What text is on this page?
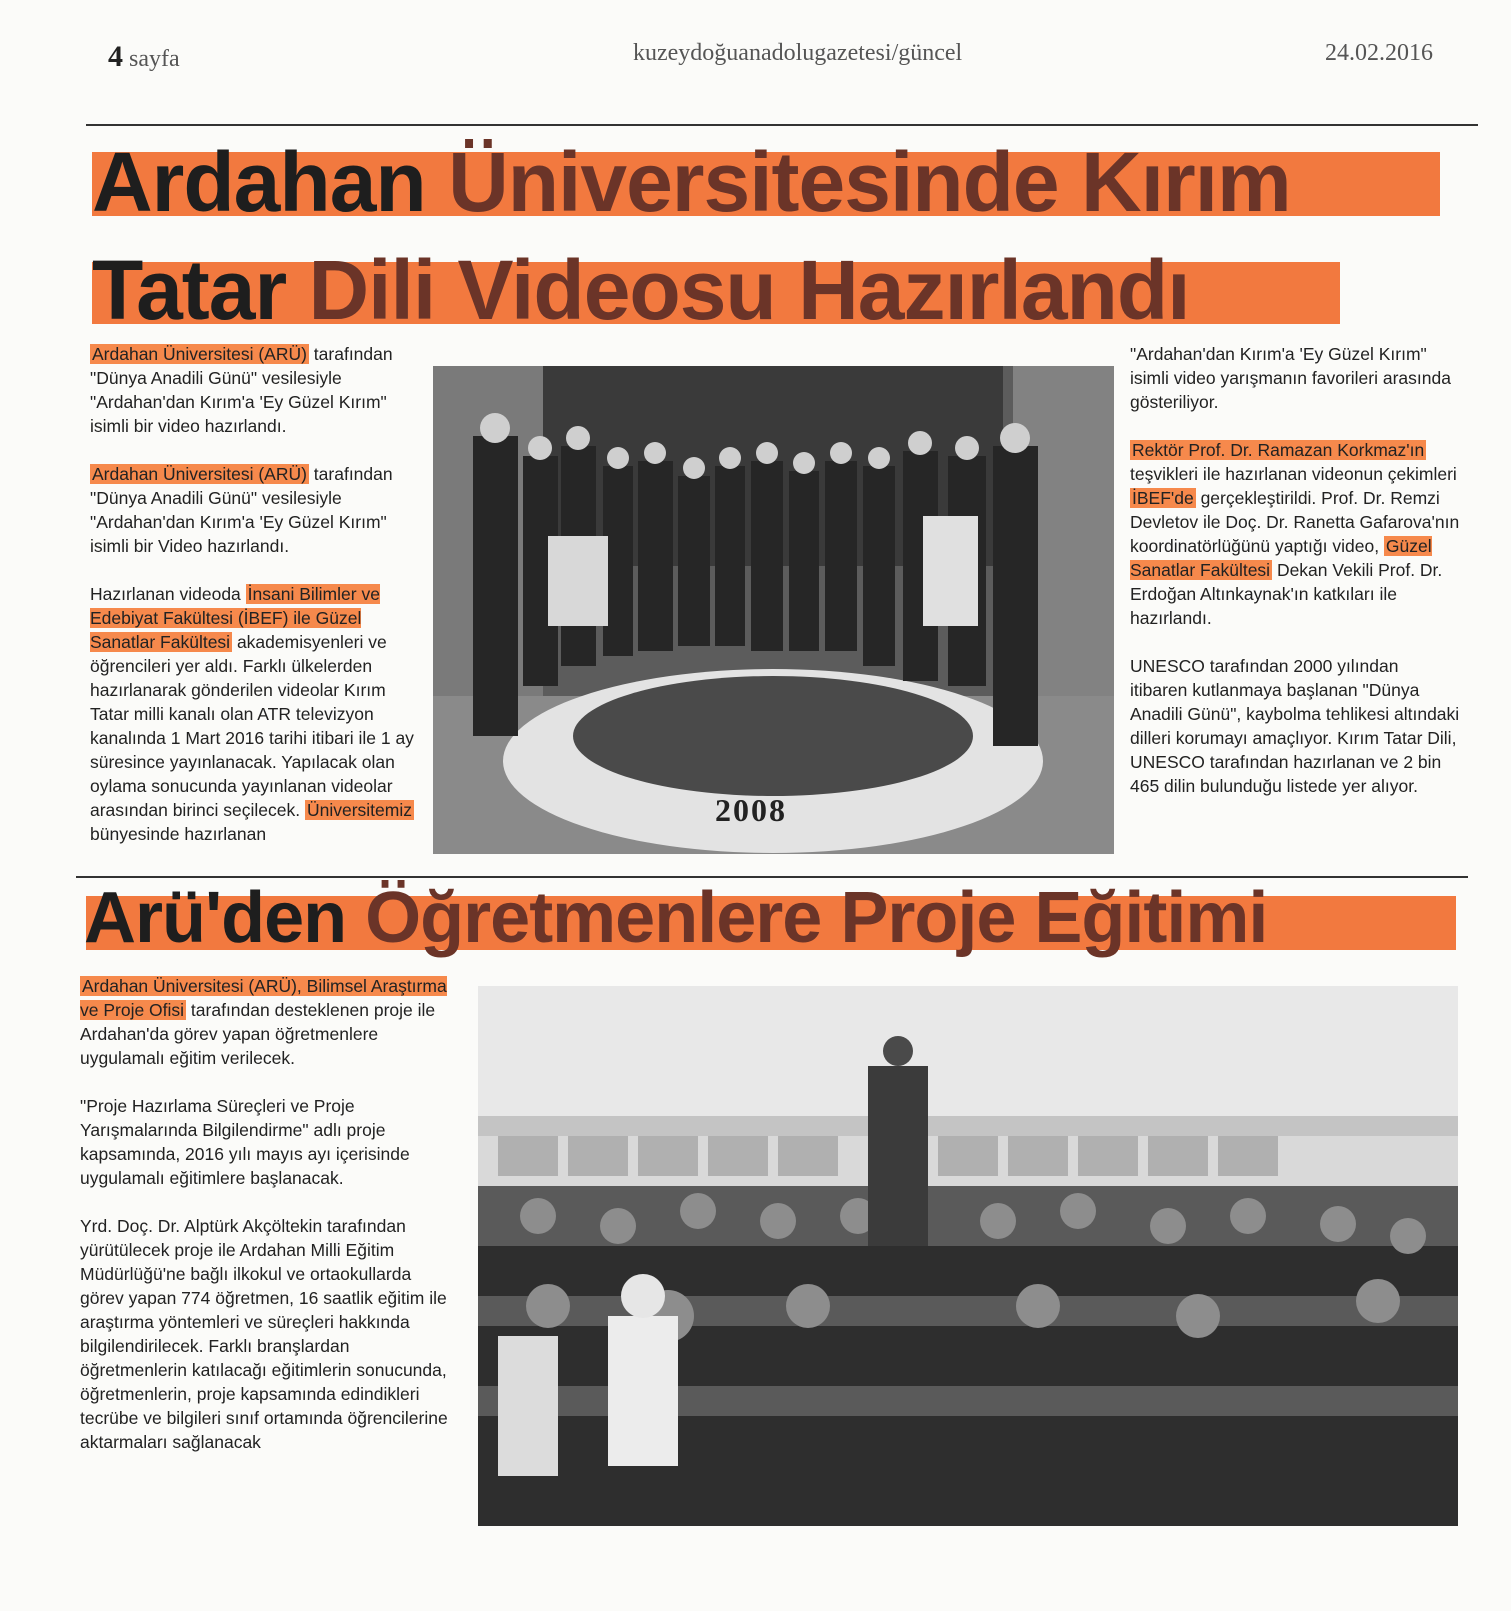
4 sayfa	kuzeydoğuanadolugazetesi/güncel	24.02.2016
Ardahan Üniversitesinde Kırım
Tatar Dili Videosu Hazırlandı

Ardahan Üniversitesi (ARÜ) tarafından "Dünya Anadili Günü" vesilesiyle "Ardahan'dan Kırım'a 'Ey Güzel Kırım" isimli bir video hazırlandı.

Ardahan Üniversitesi (ARÜ) tarafından "Dünya Anadili Günü" vesilesiyle "Ardahan'dan Kırım'a 'Ey Güzel Kırım" isimli bir Video hazırlandı.

Hazırlanan videoda İnsani Bilimler ve Edebiyat Fakültesi (İBEF) ile Güzel Sanatlar Fakültesi akademisyenleri ve öğrencileri yer aldı. Farklı ülkelerden hazırlanarak gönderilen videolar Kırım Tatar milli kanalı olan ATR televizyon kanalında 1 Mart 2016 tarihi itibari ile 1 ay süresince yayınlanacak. Yapılacak olan oylama sonucunda yayınlanan videolar arasından birinci seçilecek. Üniversitemiz bünyesinde hazırlanan

2008

"Ardahan'dan Kırım'a 'Ey Güzel Kırım" isimli video yarışmanın favorileri arasında gösteriliyor.

Rektör Prof. Dr. Ramazan Korkmaz'ın teşvikleri ile hazırlanan videonun çekimleri İBEF'de gerçekleştirildi. Prof. Dr. Remzi Devletov ile Doç. Dr. Ranetta Gafarova'nın koordinatörlüğünü yaptığı video, Güzel Sanatlar Fakültesi Dekan Vekili Prof. Dr. Erdoğan Altınkaynak'ın katkıları ile hazırlandı.

UNESCO tarafından 2000 yılından itibaren kutlanmaya başlanan "Dünya Anadili Günü", kaybolma tehlikesi altındaki dilleri korumayı amaçlıyor. Kırım Tatar Dili, UNESCO tarafından hazırlanan ve 2 bin 465 dilin bulunduğu listede yer alıyor.

Arü'den Öğretmenlere Proje Eğitimi

Ardahan Üniversitesi (ARÜ), Bilimsel Araştırma ve Proje Ofisi tarafından desteklenen proje ile Ardahan'da görev yapan öğretmenlere uygulamalı eğitim verilecek.

"Proje Hazırlama Süreçleri ve Proje Yarışmalarında Bilgilendirme" adlı proje kapsamında, 2016 yılı mayıs ayı içerisinde uygulamalı eğitimlere başlanacak.

Yrd. Doç. Dr. Alptürk Akçöltekin tarafından yürütülecek proje ile Ardahan Milli Eğitim Müdürlüğü'ne bağlı ilkokul ve ortaokullarda görev yapan 774 öğretmen, 16 saatlik eğitim ile araştırma yöntemleri ve süreçleri hakkında bilgilendirilecek. Farklı branşlardan öğretmenlerin katılacağı eğitimlerin sonucunda, öğretmenlerin, proje kapsamında edindikleri tecrübe ve bilgileri sınıf ortamında öğrencilerine aktarmaları sağlanacak
